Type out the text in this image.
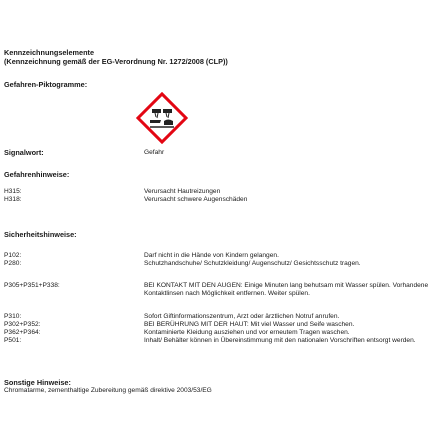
Kennzeichnungselemente
(Kennzeichnung gemäß der EG-Verordnung Nr. 1272/2008 (CLP))
Gefahren-Piktogramme:
Signalwort:	Gefahr
Gefahrenhinweise:
H315:	Verursacht Hautreizungen
H318:	Verursacht schwere Augenschäden
Sicherheitshinweise:
P102:	Darf nicht in die Hände von Kindern gelangen.
P280:	Schutzhandschuhe/ Schutzkleidung/ Augenschutz/ Gesichtsschutz tragen.
P305+P351+P338:	BEI KONTAKT MIT DEN AUGEN: Einige Minuten lang behutsam mit Wasser spülen. Vorhandene Kontaktlinsen nach Möglichkeit entfernen. Weiter spülen.
P310:	Sofort Giftinformationszentrum, Arzt oder ärztlichen Notruf anrufen.
P302+P352:	BEI BERÜHRUNG MIT DER HAUT: Mit viel Wasser und Seife waschen.
P362+P364:	Kontaminierte Kleidung ausziehen und vor erneutem Tragen waschen.
P501:	Inhalt/ Behälter können in Übereinstimmung mit den nationalen Vorschriften entsorgt werden.
Sonstige Hinweise:
Chromatarme, zementhaltige Zubereitung gemäß direktive 2003/53/EG
